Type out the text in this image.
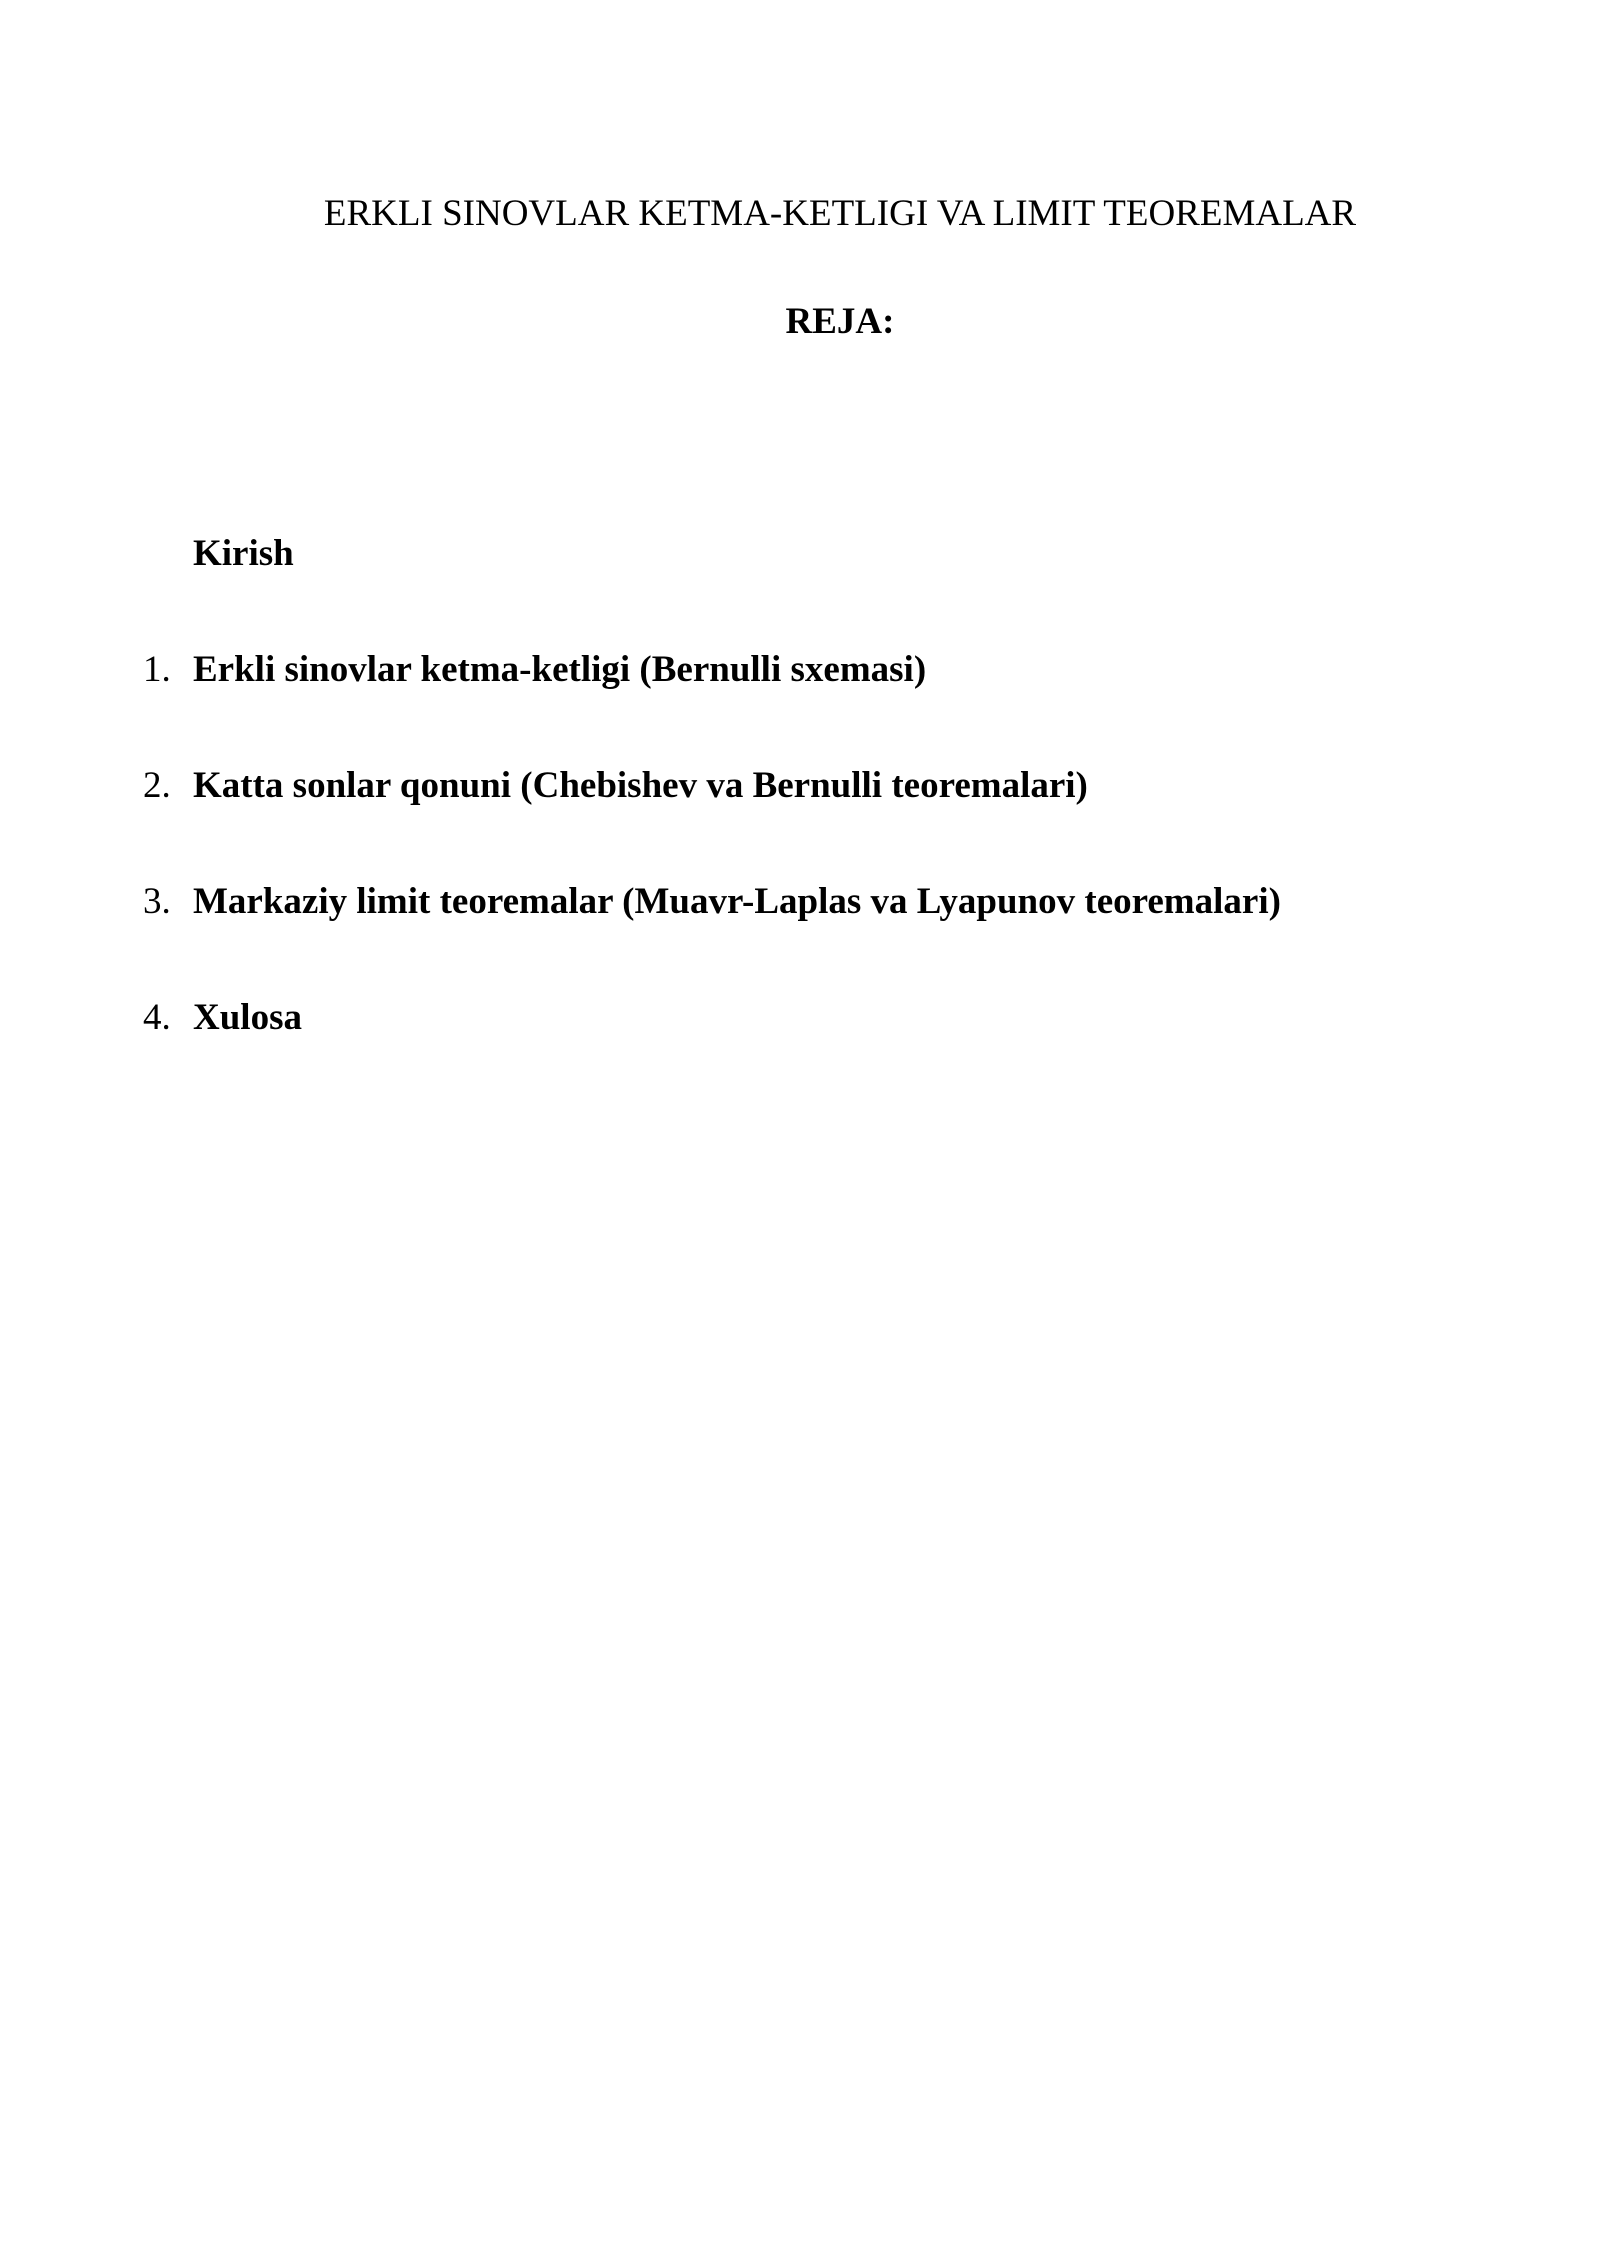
ERKLI SINOVLAR KETMA-KETLIGI VA LIMIT TEOREMALAR
REJA:
Kirish
1. Erkli sinovlar ketma-ketligi (Bernulli sxemasi)
2. Katta sonlar qonuni (Chebishev va Bernulli teoremalari)
3. Markaziy limit teoremalar (Muavr-Laplas va Lyapunov teoremalari)
4. Xulosa
